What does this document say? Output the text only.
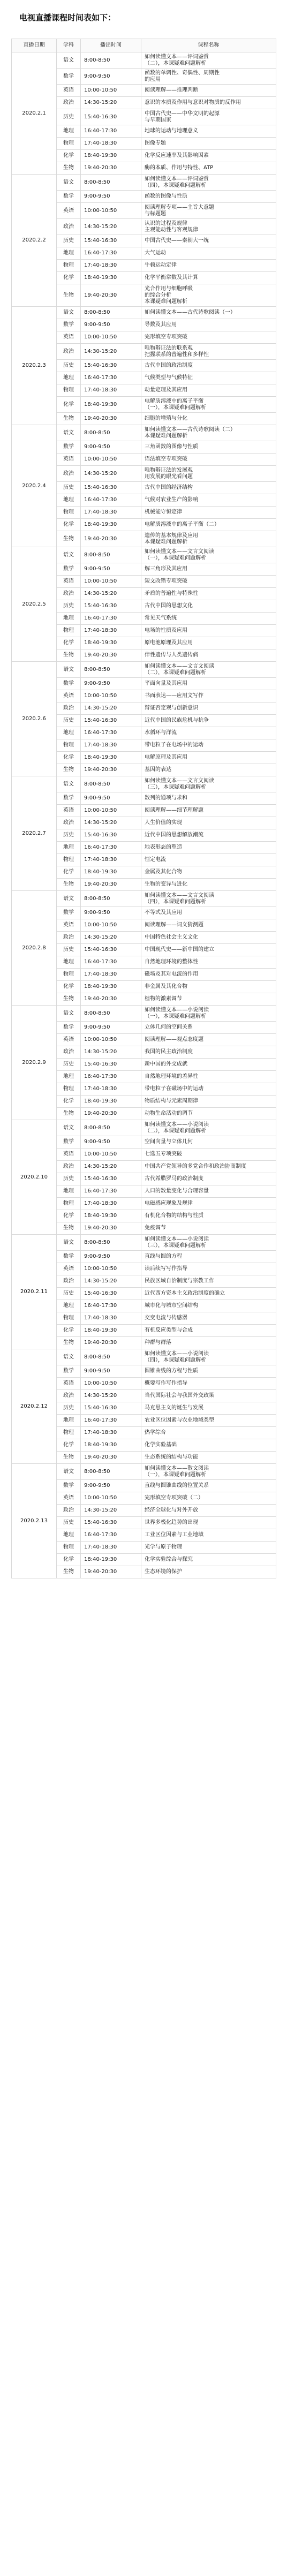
电视直播课程时间表如下：
直播日期	学科	播出时间	课程名称
2020.2.1	语文	8:00-8:50	如何读懂文本——评词鉴赏
（二），本课疑难问题解析

	数学	9:00-9:50	函数的单调性、奇偶性、周期性
的应用

	英语	10:00-10:50	阅读理解——推理判断

	政治	14:30-15:20	意识的本质及作用与意识对物质的反作用

	历史	15:40-16:30	中国古代史——中华文明的起源
与早期国家

	地理	16:40-17:30	地球的运动与地理意义

	物理	17:40-18:30	图像专题

	化学	18:40-19:30	化学反应速率及其影响因素

	生物	19:40-20:30	酶的本质、作用与特性、ATP

2020.2.2	语文	8:00-8:50	如何读懂文本——评词鉴赏
（四），本课疑难问题解析

	数学	9:00-9:50	函数的图像与性质

	英语	10:00-10:50	阅读理解专项——主旨大意题
与标题题

	政治	14:30-15:20	认识的过程及规律
主观能动性与客观规律

	历史	15:40-16:30	中国古代史——秦朝大一统

	地理	16:40-17:30	大气运动

	物理	17:40-18:30	牛顿运动定律

	化学	18:40-19:30	化学平衡常数及其计算

	生物	19:40-20:30	光合作用与细胞呼吸
的综合分析
本课疑难问题解析

2020.2.3	语文	8:00-8:50	如何读懂文本——古代诗歌阅读（一）

	数学	9:00-9:50	导数及其应用

	英语	10:00-10:50	完形填空专项突破

	政治	14:30-15:20	唯物辩证法的联系观
把握联系的普遍性和多样性

	历史	15:40-16:30	古代中国的政治制度

	地理	16:40-17:30	气候类型与气候特征

	物理	17:40-18:30	动量定理及其应用

	化学	18:40-19:30	电解质溶液中的离子平衡
（一），本课疑难问题解析

	生物	19:40-20:30	细胞的增殖与分化

2020.2.4	语文	8:00-8:50	如何读懂文本——古代诗歌阅读（二）
本课疑难问题解析

	数学	9:00-9:50	三角函数的图像与性质

	英语	10:00-10:50	语法填空专项突破

	政治	14:30-15:20	唯物辩证法的发展观
用发展的眼光看问题

	历史	15:40-16:30	古代中国的经济结构

	地理	16:40-17:30	气候对农业生产的影响

	物理	17:40-18:30	机械能守恒定律

	化学	18:40-19:30	电解质溶液中的离子平衡（二）

	生物	19:40-20:30	遗传的基本规律及应用
本课疑难问题解析

2020.2.5	语文	8:00-8:50	如何读懂文本——文言文阅读
（一），本课疑难问题解析

	数学	9:00-9:50	解三角形及其应用

	英语	10:00-10:50	短文改错专项突破

	政治	14:30-15:20	矛盾的普遍性与特殊性

	历史	15:40-16:30	古代中国的思想文化

	地理	16:40-17:30	常见天气系统

	物理	17:40-18:30	电场的性质及应用

	化学	18:40-19:30	原电池原理及其应用

	生物	19:40-20:30	伴性遗传与人类遗传病

2020.2.6	语文	8:00-8:50	如何读懂文本——文言文阅读
（二），本课疑难问题解析

	数学	9:00-9:50	平面向量及其应用

	英语	10:00-10:50	书面表达——应用文写作

	政治	14:30-15:20	辩证否定观与创新意识

	历史	15:40-16:30	近代中国的民族危机与抗争

	地理	16:40-17:30	水循环与洋流

	物理	17:40-18:30	带电粒子在电场中的运动

	化学	18:40-19:30	电解原理及其应用

	生物	19:40-20:30	基因的表达

2020.2.7	语文	8:00-8:50	如何读懂文本——文言文阅读
（三），本课疑难问题解析

	数学	9:00-9:50	数列的通项与求和

	英语	10:00-10:50	阅读理解——细节理解题

	政治	14:30-15:20	人生价值的实现

	历史	15:40-16:30	近代中国的思想解放潮流

	地理	16:40-17:30	地表形态的塑造

	物理	17:40-18:30	恒定电流

	化学	18:40-19:30	金属及其化合物

	生物	19:40-20:30	生物的变异与进化

2020.2.8	语文	8:00-8:50	如何读懂文本——文言文阅读
（四），本课疑难问题解析

	数学	9:00-9:50	不等式及其应用

	英语	10:00-10:50	阅读理解——词义猜测题

	政治	14:30-15:20	中国特色社会主义文化

	历史	15:40-16:30	中国现代史——新中国的建立

	地理	16:40-17:30	自然地理环境的整体性

	物理	17:40-18:30	磁场及其对电流的作用

	化学	18:40-19:30	非金属及其化合物

	生物	19:40-20:30	植物的激素调节

2020.2.9	语文	8:00-8:50	如何读懂文本——小说阅读
（一），本课疑难问题解析

	数学	9:00-9:50	立体几何的空间关系

	英语	10:00-10:50	阅读理解——观点态度题

	政治	14:30-15:20	我国的民主政治制度

	历史	15:40-16:30	新中国的外交成就

	地理	16:40-17:30	自然地理环境的差异性

	物理	17:40-18:30	带电粒子在磁场中的运动

	化学	18:40-19:30	物质结构与元素周期律

	生物	19:40-20:30	动物生命活动的调节

2020.2.10	语文	8:00-8:50	如何读懂文本——小说阅读
（二），本课疑难问题解析

	数学	9:00-9:50	空间向量与立体几何

	英语	10:00-10:50	七选五专项突破

	政治	14:30-15:20	中国共产党领导的多党合作和政治协商制度

	历史	15:40-16:30	古代希腊罗马的政治制度

	地理	16:40-17:30	人口的数量变化与合理容量

	物理	17:40-18:30	电磁感应现象及规律

	化学	18:40-19:30	有机化合物的结构与性质

	生物	19:40-20:30	免疫调节

2020.2.11	语文	8:00-8:50	如何读懂文本——小说阅读
（三），本课疑难问题解析

	数学	9:00-9:50	直线与圆的方程

	英语	10:00-10:50	读后续写写作指导

	政治	14:30-15:20	民族区域自治制度与宗教工作

	历史	15:40-16:30	近代西方资本主义政治制度的确立

	地理	16:40-17:30	城市化与城市空间结构

	物理	17:40-18:30	交变电流与传感器

	化学	18:40-19:30	有机反应类型与合成

	生物	19:40-20:30	种群与群落

2020.2.12	语文	8:00-8:50	如何读懂文本——小说阅读
（四），本课疑难问题解析

	数学	9:00-9:50	圆锥曲线的方程与性质

	英语	10:00-10:50	概要写作写作指导

	政治	14:30-15:20	当代国际社会与我国外交政策

	历史	15:40-16:30	马克思主义的诞生与发展

	地理	16:40-17:30	农业区位因素与农业地域类型

	物理	17:40-18:30	热学综合

	化学	18:40-19:30	化学实验基础

	生物	19:40-20:30	生态系统的结构与功能

2020.2.13	语文	8:00-8:50	如何读懂文本——散文阅读
（一），本课疑难问题解析

	数学	9:00-9:50	直线与圆锥曲线的位置关系

	英语	10:00-10:50	完形填空专项突破（二）

	政治	14:30-15:20	经济全球化与对外开放

	历史	15:40-16:30	世界多极化趋势的出现

	地理	16:40-17:30	工业区位因素与工业地域

	物理	17:40-18:30	光学与原子物理

	化学	18:40-19:30	化学实验综合与探究

	生物	19:40-20:30	生态环境的保护
